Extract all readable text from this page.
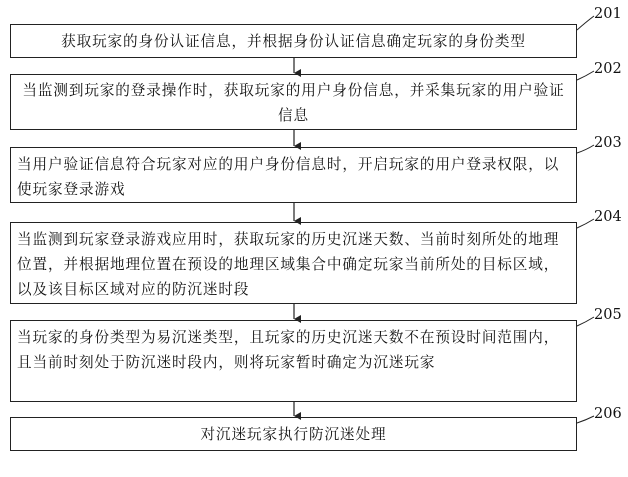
获取玩家的身份认证信息，并根据身份认证信息确定玩家的身份类型
当监测到玩家的登录操作时，获取玩家的用户身份信息，并采集玩家的用户验证信息
当用户验证信息符合玩家对应的用户身份信息时，开启玩家的用户登录权限，以使玩家登录游戏
当监测到玩家登录游戏应用时，获取玩家的历史沉迷天数、当前时刻所处的地理位置，并根据地理位置在预设的地理区域集合中确定玩家当前所处的目标区域，以及该目标区域对应的防沉迷时段
当玩家的身份类型为易沉迷类型，且玩家的历史沉迷天数不在预设时间范围内，且当前时刻处于防沉迷时段内，则将玩家暂时确定为沉迷玩家
对沉迷玩家执行防沉迷处理
201
202
203
204
205
206
